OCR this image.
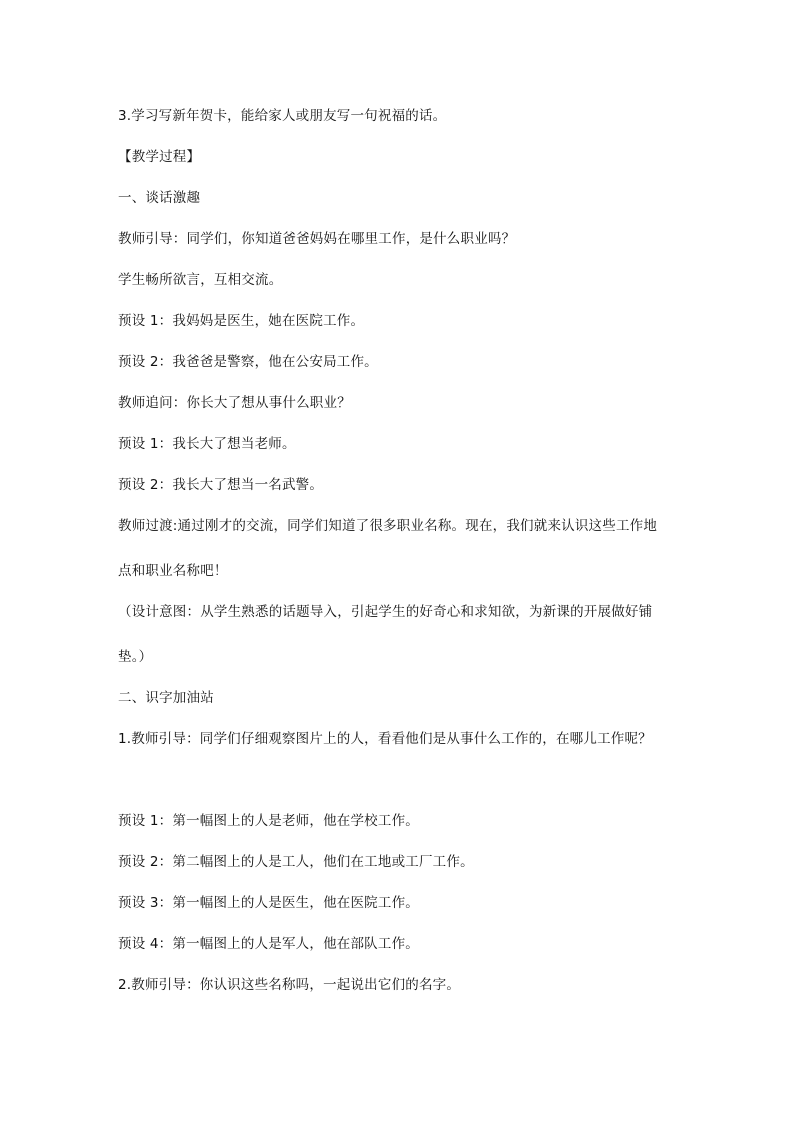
3.学习写新年贺卡，能给家人或朋友写一句祝福的话。
【教学过程】
一、谈话激趣
教师引导：同学们，你知道爸爸妈妈在哪里工作，是什么职业吗？
学生畅所欲言，互相交流。
预设 1：我妈妈是医生，她在医院工作。
预设 2：我爸爸是警察，他在公安局工作。
教师追问：你长大了想从事什么职业？
预设 1：我长大了想当老师。
预设 2：我长大了想当一名武警。
教师过渡:通过刚才的交流，同学们知道了很多职业名称。现在，我们就来认识这些工作地
点和职业名称吧！
（设计意图：从学生熟悉的话题导入，引起学生的好奇心和求知欲，为新课的开展做好铺
垫。）
二、识字加油站
1.教师引导：同学们仔细观察图片上的人，看看他们是从事什么工作的，在哪儿工作呢？
预设 1：第一幅图上的人是老师，他在学校工作。
预设 2：第二幅图上的人是工人，他们在工地或工厂工作。
预设 3：第一幅图上的人是医生，他在医院工作。
预设 4：第一幅图上的人是军人，他在部队工作。
2.教师引导：你认识这些名称吗，一起说出它们的名字。
